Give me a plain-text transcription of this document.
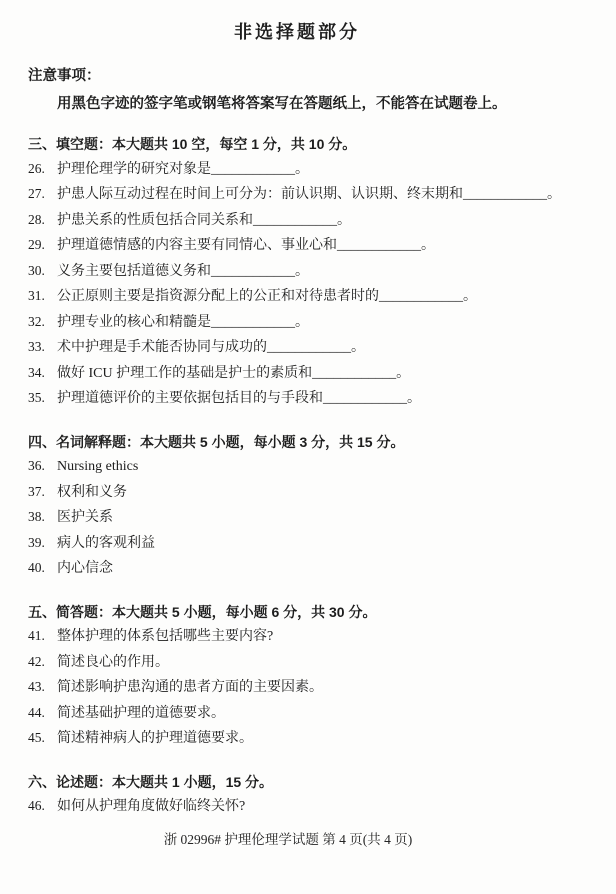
非选择题部分
注意事项：
用黑色字迹的签字笔或钢笔将答案写在答题纸上，不能答在试题卷上。
三、填空题：本大题共 10 空，每空 1 分，共 10 分。
26. 护理伦理学的研究对象是____________。
27. 护患人际互动过程在时间上可分为：前认识期、认识期、终末期和____________。
28. 护患关系的性质包括合同关系和____________。
29. 护理道德情感的内容主要有同情心、事业心和____________。
30. 义务主要包括道德义务和____________。
31. 公正原则主要是指资源分配上的公正和对待患者时的____________。
32. 护理专业的核心和精髓是____________。
33. 术中护理是手术能否协同与成功的____________。
34. 做好 ICU 护理工作的基础是护士的素质和____________。
35. 护理道德评价的主要依据包括目的与手段和____________。
四、名词解释题：本大题共 5 小题，每小题 3 分，共 15 分。
36. Nursing ethics
37. 权利和义务
38. 医护关系
39. 病人的客观利益
40. 内心信念
五、简答题：本大题共 5 小题，每小题 6 分，共 30 分。
41. 整体护理的体系包括哪些主要内容?
42. 简述良心的作用。
43. 简述影响护患沟通的患者方面的主要因素。
44. 简述基础护理的道德要求。
45. 简述精神病人的护理道德要求。
六、论述题：本大题共 1 小题，15 分。
46. 如何从护理角度做好临终关怀?
浙 02996# 护理伦理学试题 第 4 页(共 4 页)
